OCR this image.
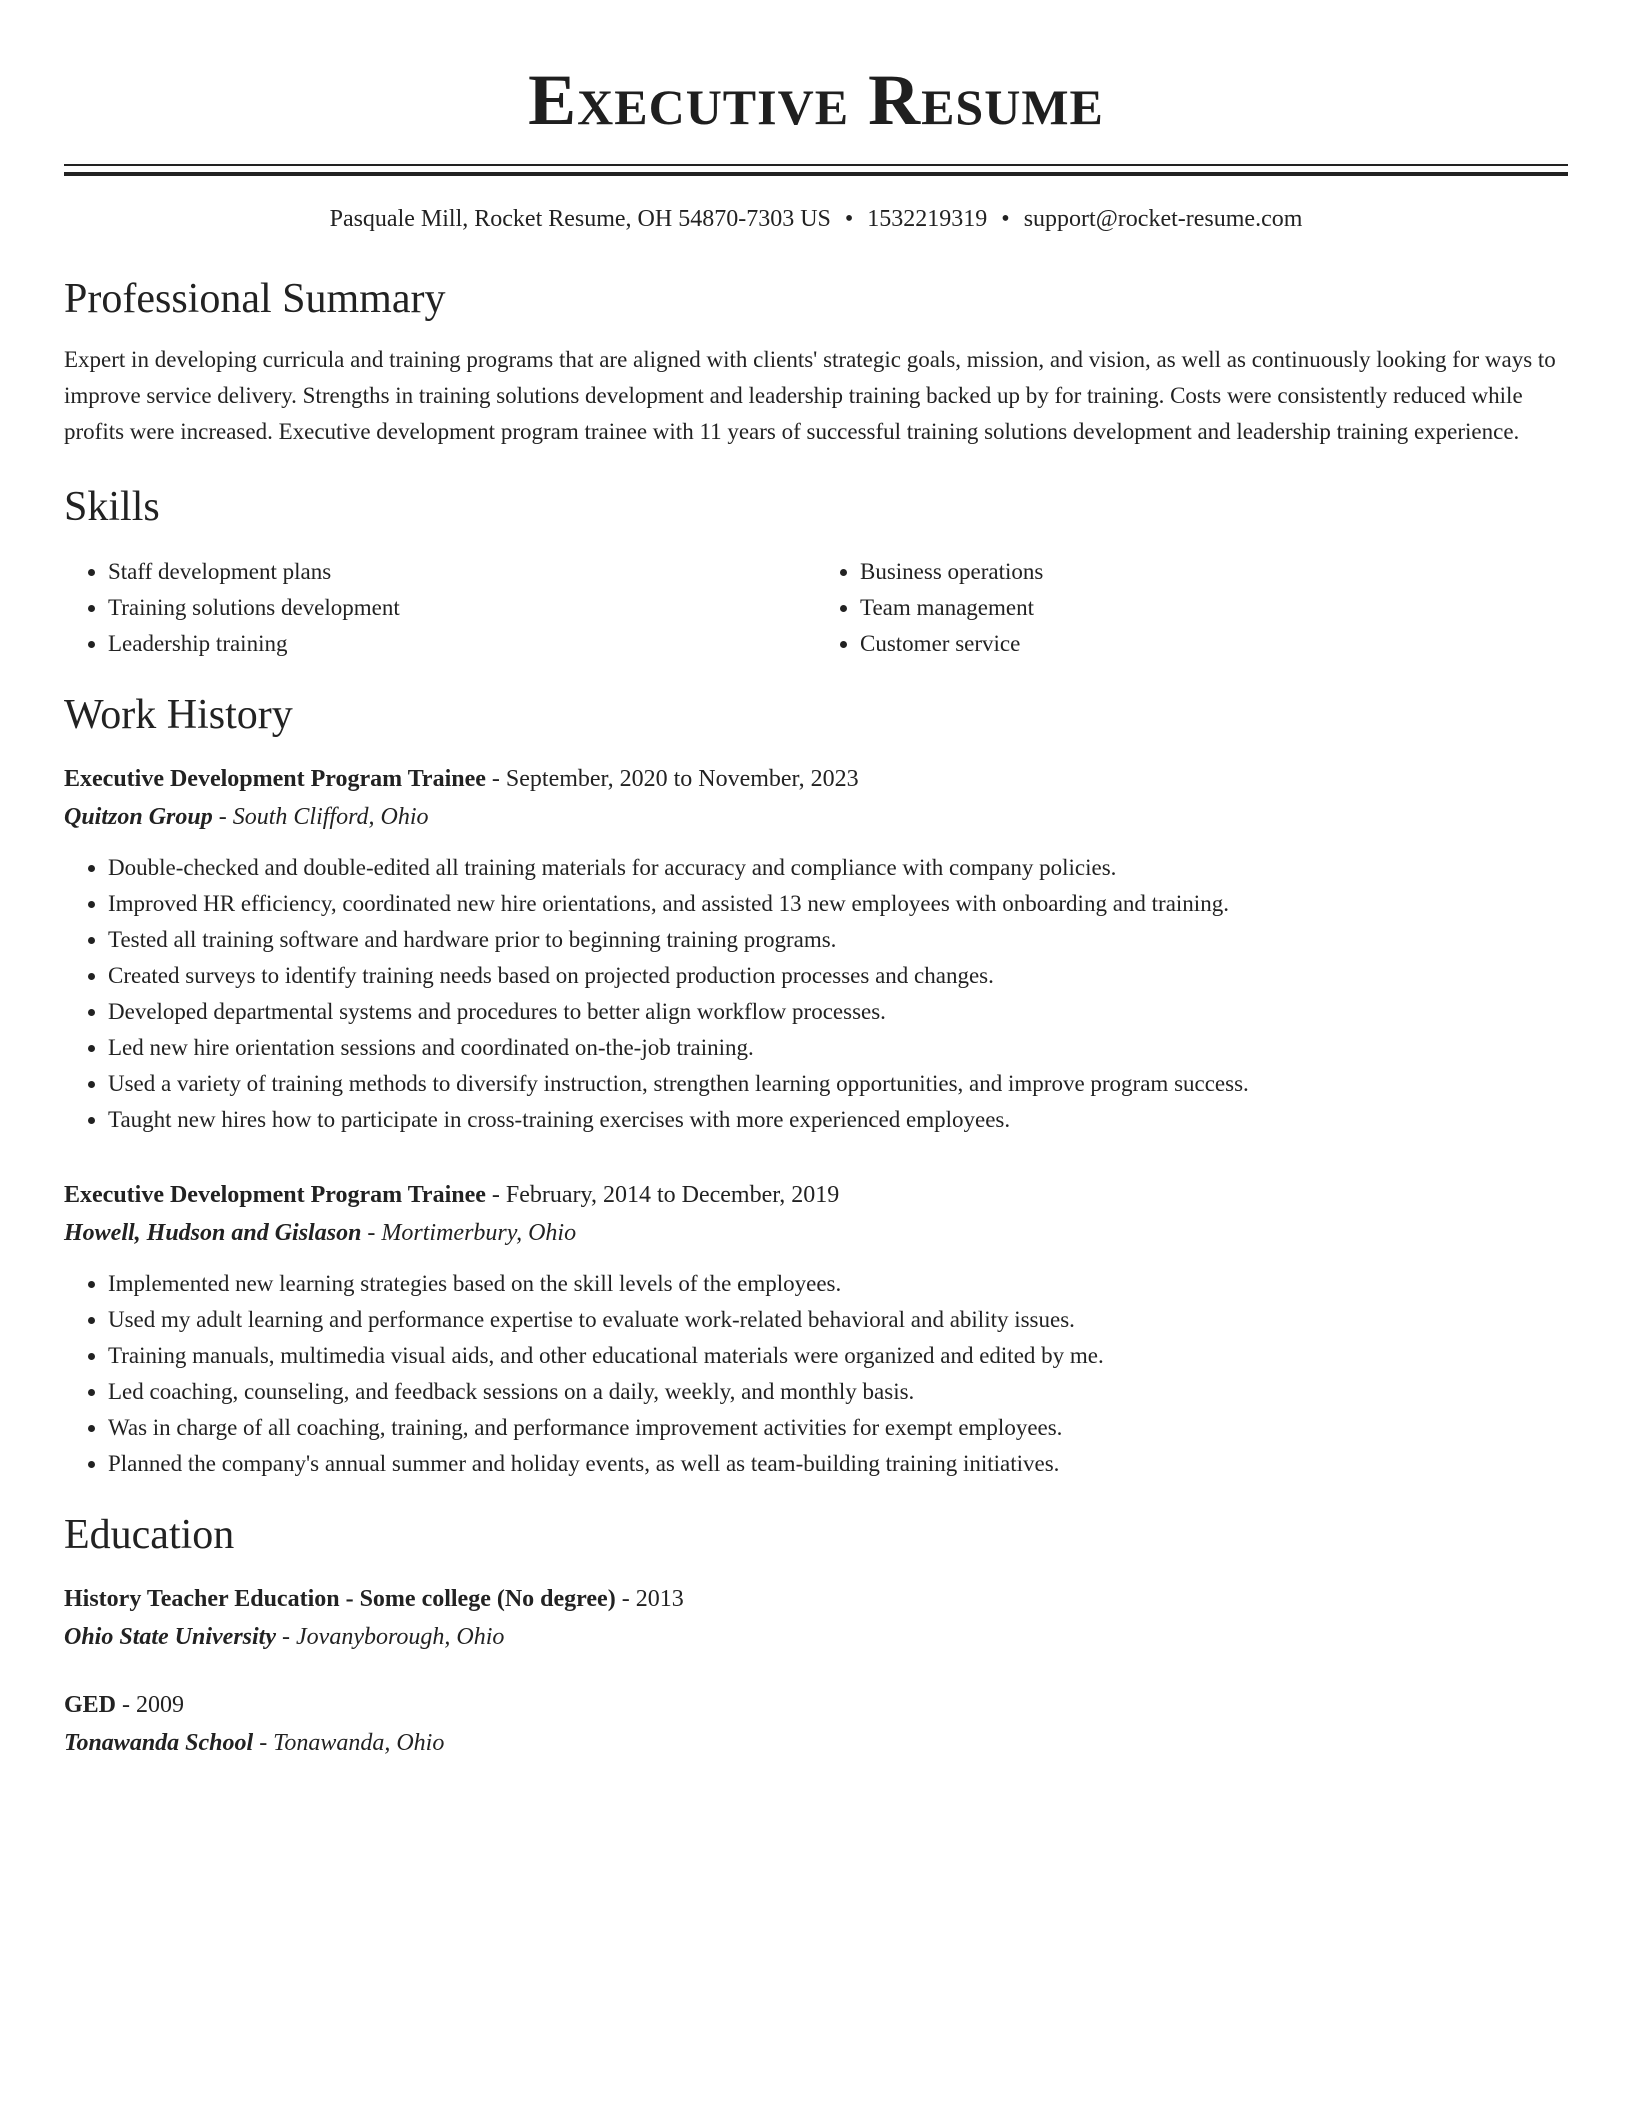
Executive Resume
Pasquale Mill, Rocket Resume, OH 54870-7303 US • 1532219319 • support@rocket-resume.com
Professional Summary

Expert in developing curricula and training programs that are aligned with clients' strategic goals, mission, and vision, as well as continuously looking for ways to improve service delivery. Strengths in training solutions development and leadership training backed up by for training. Costs were consistently reduced while profits were increased. Executive development program trainee with 11 years of successful training solutions development and leadership training experience.

Skills
• Staff development plans
• Training solutions development
• Leadership training
• Business operations
• Team management
• Customer service
Work History
Executive Development Program Trainee - September, 2020 to November, 2023
Quitzon Group - South Clifford, Ohio
• Double-checked and double-edited all training materials for accuracy and compliance with company policies.
• Improved HR efficiency, coordinated new hire orientations, and assisted 13 new employees with onboarding and training.
• Tested all training software and hardware prior to beginning training programs.
• Created surveys to identify training needs based on projected production processes and changes.
• Developed departmental systems and procedures to better align workflow processes.
• Led new hire orientation sessions and coordinated on-the-job training.
• Used a variety of training methods to diversify instruction, strengthen learning opportunities, and improve program success.
• Taught new hires how to participate in cross-training exercises with more experienced employees.
Executive Development Program Trainee - February, 2014 to December, 2019
Howell, Hudson and Gislason - Mortimerbury, Ohio
• Implemented new learning strategies based on the skill levels of the employees.
• Used my adult learning and performance expertise to evaluate work-related behavioral and ability issues.
• Training manuals, multimedia visual aids, and other educational materials were organized and edited by me.
• Led coaching, counseling, and feedback sessions on a daily, weekly, and monthly basis.
• Was in charge of all coaching, training, and performance improvement activities for exempt employees.
• Planned the company's annual summer and holiday events, as well as team-building training initiatives.
Education
History Teacher Education - Some college (No degree) - 2013
Ohio State University - Jovanyborough, Ohio
GED - 2009
Tonawanda School - Tonawanda, Ohio
